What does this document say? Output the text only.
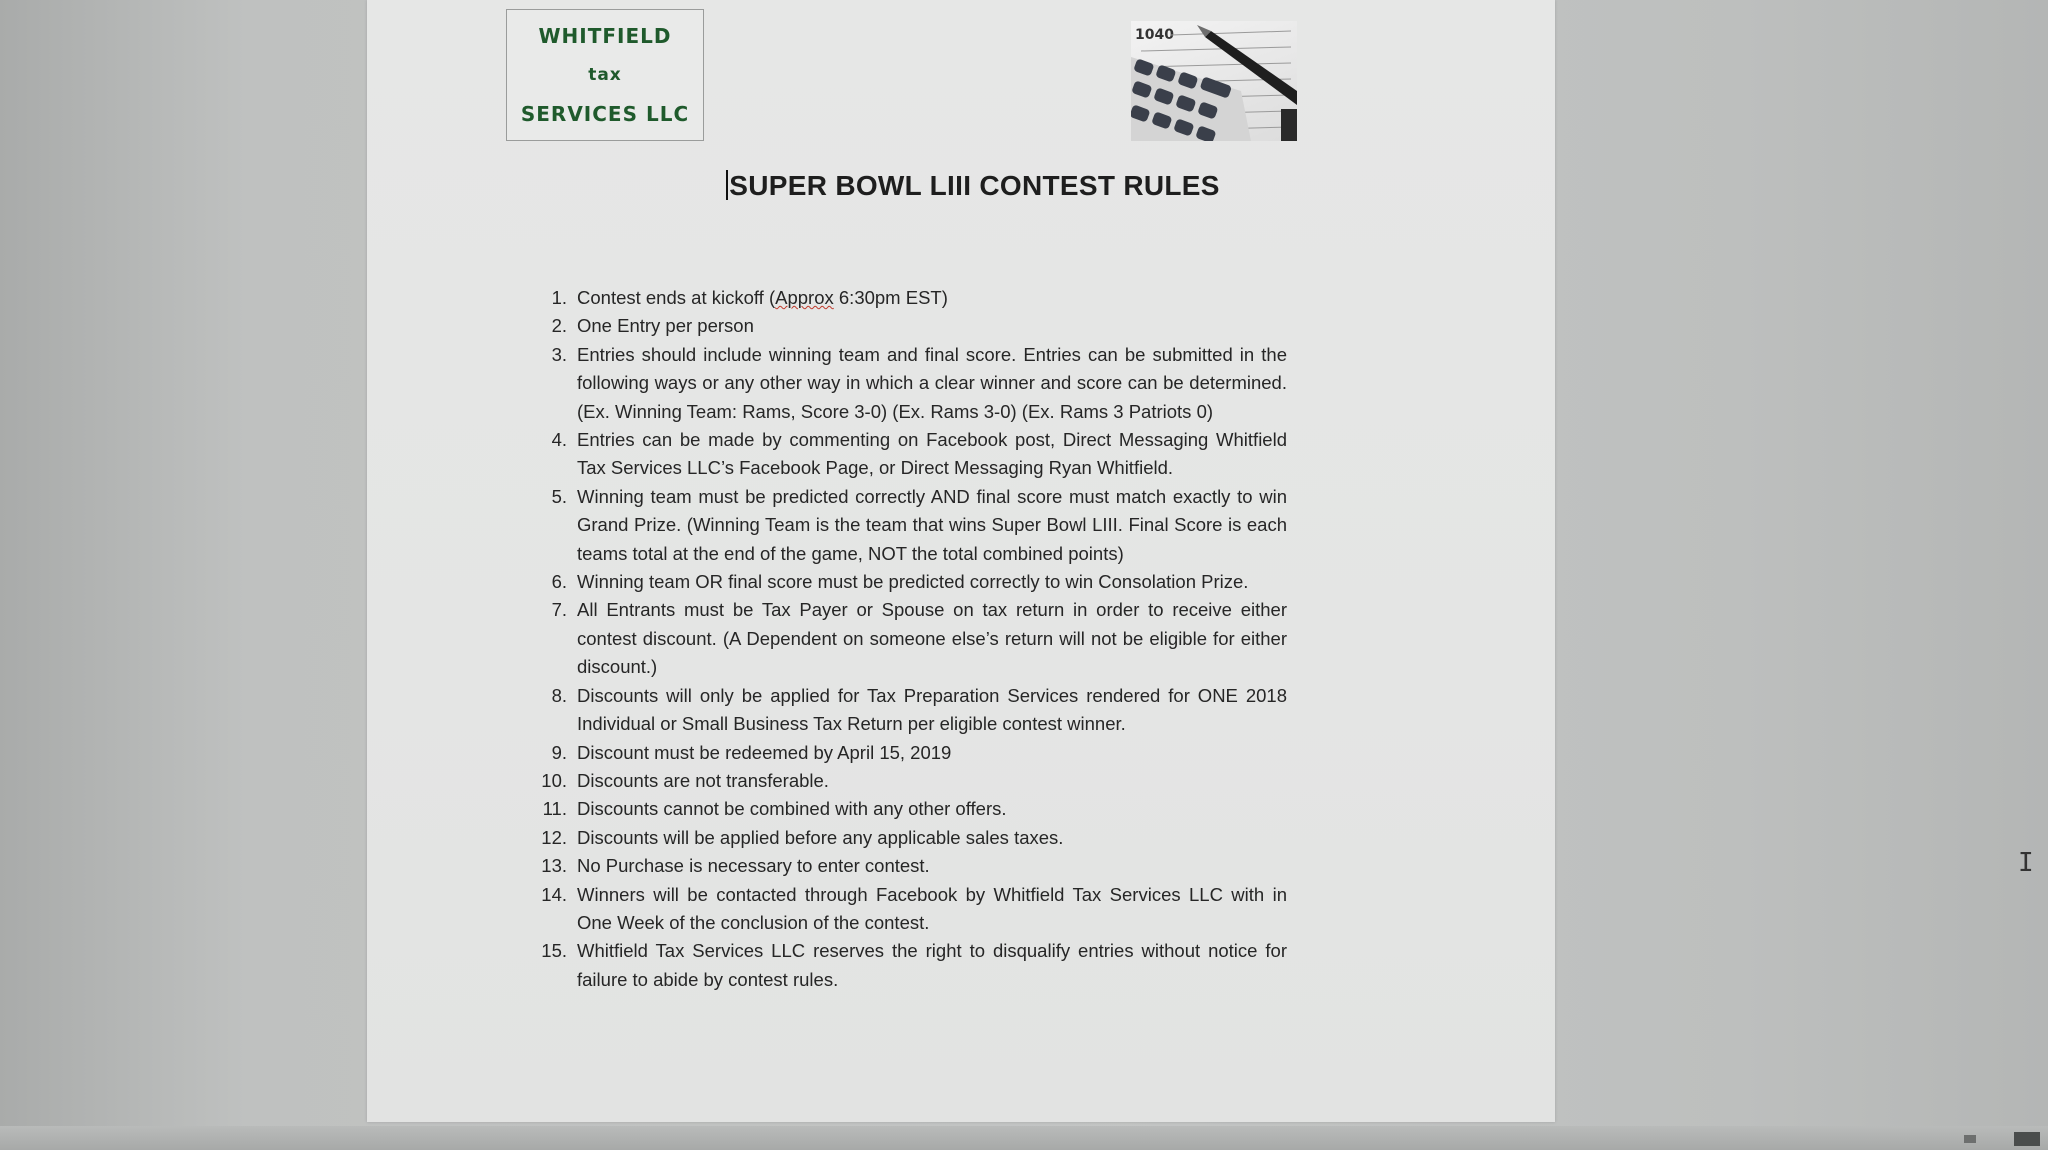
WHITFIELD
tax
SERVICES LLC
1040
SUPER BOWL LIII CONTEST RULES
1. Contest ends at kickoff (Approx 6:30pm EST)
2. One Entry per person
3. Entries should include winning team and final score. Entries can be submitted in the following ways or any other way in which a clear winner and score can be determined. (Ex. Winning Team: Rams, Score 3-0) (Ex. Rams 3-0) (Ex. Rams 3 Patriots 0)
4. Entries can be made by commenting on Facebook post, Direct Messaging Whitfield Tax Services LLC’s Facebook Page, or Direct Messaging Ryan Whitfield.
5. Winning team must be predicted correctly AND final score must match exactly to win Grand Prize. (Winning Team is the team that wins Super Bowl LIII. Final Score is each teams total at the end of the game, NOT the total combined points)
6. Winning team OR final score must be predicted correctly to win Consolation Prize.
7. All Entrants must be Tax Payer or Spouse on tax return in order to receive either contest discount. (A Dependent on someone else’s return will not be eligible for either discount.)
8. Discounts will only be applied for Tax Preparation Services rendered for ONE 2018 Individual or Small Business Tax Return per eligible contest winner.
9. Discount must be redeemed by April 15, 2019
10. Discounts are not transferable.
11. Discounts cannot be combined with any other offers.
12. Discounts will be applied before any applicable sales taxes.
13. No Purchase is necessary to enter contest.
14. Winners will be contacted through Facebook by Whitfield Tax Services LLC with in One Week of the conclusion of the contest.
15. Whitfield Tax Services LLC reserves the right to disqualify entries without notice for failure to abide by contest rules.
I
